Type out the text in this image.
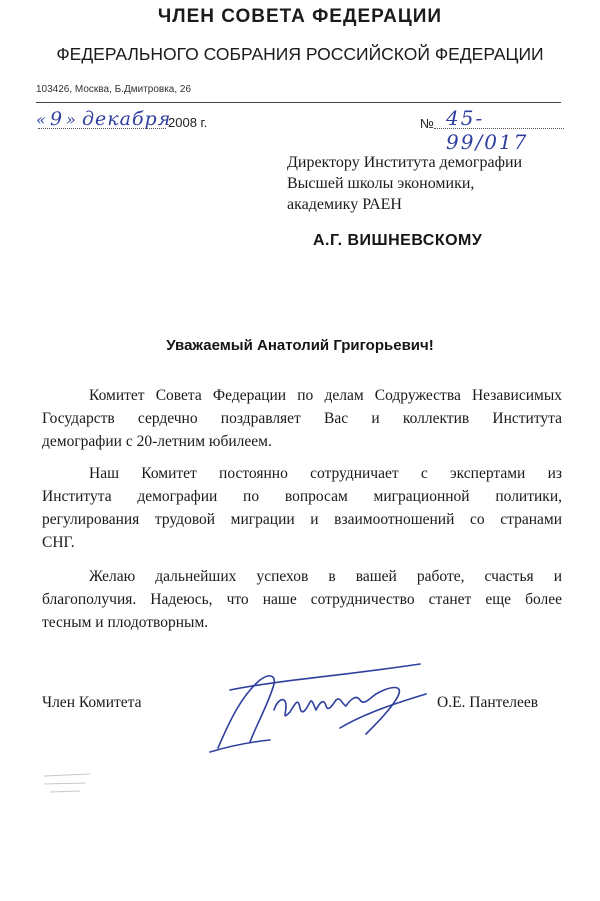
ЧЛЕН СОВЕТА ФЕДЕРАЦИИ
ФЕДЕРАЛЬНОГО СОБРАНИЯ РОССИЙСКОЙ ФЕДЕРАЦИИ
103426, Москва, Б.Дмитровка, 26
« 9 » декабря
2008 г.	№ 45-99/017
Директору Института демографии
Высшей школы экономики,
академику РАЕН
А.Г. ВИШНЕВСКОМУ
Уважаемый Анатолий Григорьевич!
Комитет Совета Федерации по делам Содружества Независимых
Государств сердечно поздравляет Вас и коллектив Института
демографии с 20-летним юбилеем.
Наш Комитет постоянно сотрудничает с экспертами из
Института демографии по вопросам миграционной политики,
регулирования трудовой миграции и взаимоотношений со странами
СНГ.
Желаю дальнейших успехов в вашей работе, счастья и
благополучия. Надеюсь, что наше сотрудничество станет еще более
тесным и плодотворным.
Член Комитета	О.Е. Пантелеев
